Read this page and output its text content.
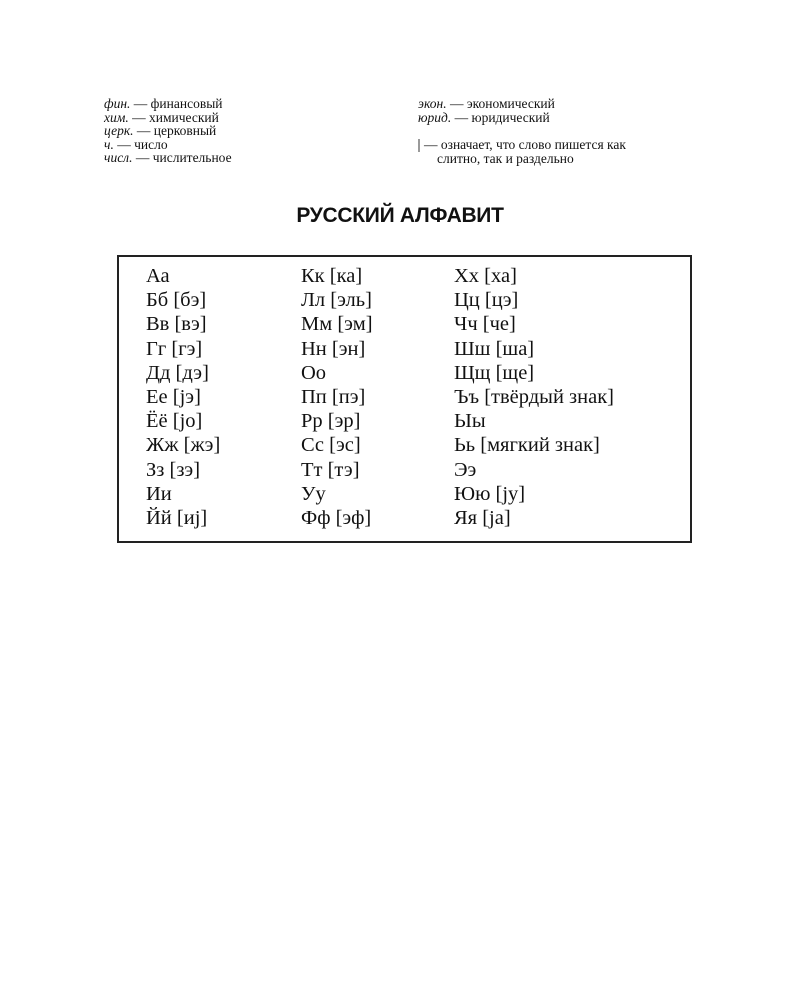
фин. — финансовый
хим. — химический
церк. — церковный
ч. — число
числ. — числительное
экон. — экономический
юрид. — юридический
— означает, что слово пишется как
слитно, так и раздельно
РУССКИЙ АЛФАВИТ
Аа
Бб [бэ]
Вв [вэ]
Гг [гэ]
Дд [дэ]
Ее [јэ]
Ёё [јо]
Жж [жэ]
Зз [зэ]
Ии
Йй [иј]
Кк [ка]
Лл [эль]
Мм [эм]
Нн [эн]
Оо
Пп [пэ]
Рр [эр]
Сс [эс]
Тт [тэ]
Уу
Фф [эф]
Хх [ха]
Цц [цэ]
Чч [че]
Шш [ша]
Щщ [ще]
Ъъ [твёрдый знак]
Ыы
Ьь [мягкий знак]
Ээ
Юю [ју]
Яя [јa]
